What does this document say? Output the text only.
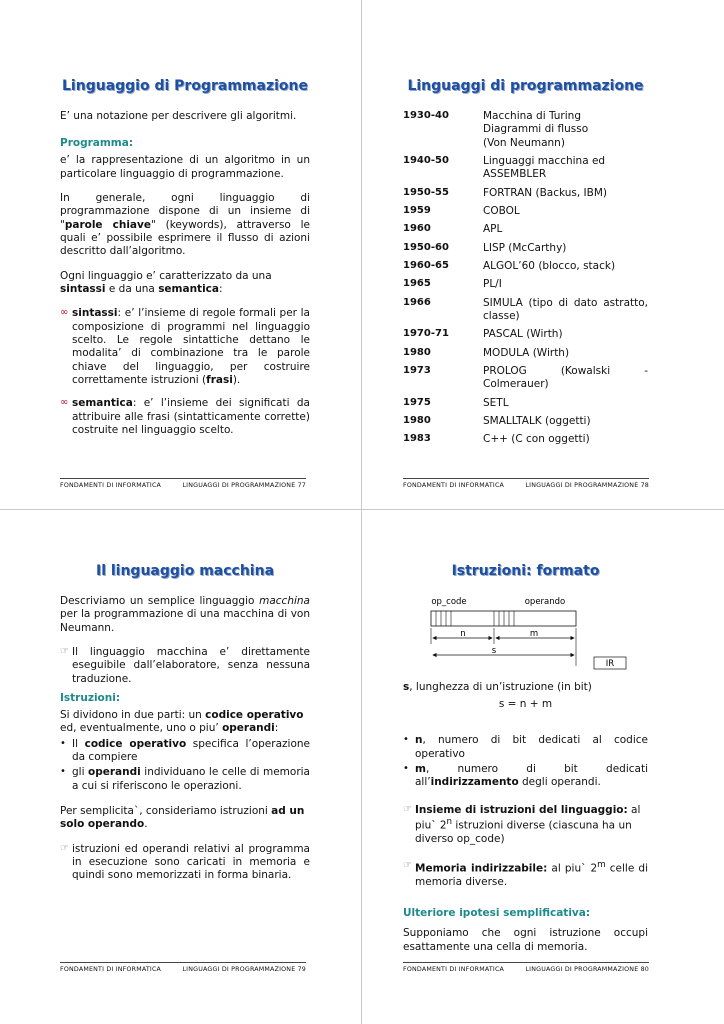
Linguaggio di Programmazione
E’ una notazione per descrivere gli algoritmi.
Programma:
e’ la rappresentazione di un algoritmo in un particolare linguaggio di programmazione.
In generale, ogni linguaggio di programmazione dispone di un insieme di "parole chiave" (keywords), attraverso le quali e’ possibile esprimere il flusso di azioni descritto dall’algoritmo.
Ogni linguaggio e’ caratterizzato da una sintassi e da una semantica:
∞ sintassi: e’ l’insieme di regole formali per la composizione di programmi nel linguaggio scelto. Le regole sintattiche dettano le modalita’ di combinazione tra le parole chiave del linguaggio, per costruire correttamente istruzioni (frasi).
∞ semantica: e’ l’insieme dei significati da attribuire alle frasi (sintatticamente corrette) costruite nel linguaggio scelto.
FONDAMENTI DI INFORMATICA	LINGUAGGI DI PROGRAMMAZIONE 77
Linguaggi di programmazione
1930-40	Macchina di Turing
Diagrammi di flusso
(Von Neumann)
1940-50	Linguaggi macchina ed
ASSEMBLER
1950-55	FORTRAN (Backus, IBM)
1959	COBOL
1960	APL
1950-60	LISP (McCarthy)
1960-65	ALGOL’60 (blocco, stack)
1965	PL/I
1966	SIMULA (tipo di dato astratto, classe)
1970-71	PASCAL (Wirth)
1980	MODULA (Wirth)
1973	PROLOG (Kowalski - Colmerauer)
1975	SETL
1980	SMALLTALK (oggetti)
1983	C++ (C con oggetti)
FONDAMENTI DI INFORMATICA	LINGUAGGI DI PROGRAMMAZIONE 78
Il linguaggio macchina
Descriviamo un semplice linguaggio macchina per la programmazione di una macchina di von Neumann.
☞ Il linguaggio macchina e’ direttamente eseguibile dall’elaboratore, senza nessuna traduzione.
Istruzioni:
Si dividono in due parti: un codice operativo ed, eventualmente, uno o piu’ operandi:
• Il codice operativo specifica l’operazione da compiere
• gli operandi individuano le celle di memoria a cui si riferiscono le operazioni.
Per semplicita`, consideriamo istruzioni ad un solo operando.
☞ istruzioni ed operandi relativi al programma in esecuzione sono caricati in memoria e quindi sono memorizzati in forma binaria.
FONDAMENTI DI INFORMATICA	LINGUAGGI DI PROGRAMMAZIONE 79
Istruzioni: formato
op_code	operando
n	m
s
IR
s, lunghezza di un’istruzione (in bit)
s = n + m
• n, numero di bit dedicati al codice operativo
• m, numero di bit dedicati all’indirizzamento degli operandi.
☞ Insieme di istruzioni del linguaggio: al piu` 2$^n$ istruzioni diverse (ciascuna ha un diverso op_code)
☞ Memoria indirizzabile: al piu` 2$^m$ celle di memoria diverse.
Ulteriore ipotesi semplificativa:
Supponiamo che ogni istruzione occupi esattamente una cella di memoria.
FONDAMENTI DI INFORMATICA	LINGUAGGI DI PROGRAMMAZIONE 80
